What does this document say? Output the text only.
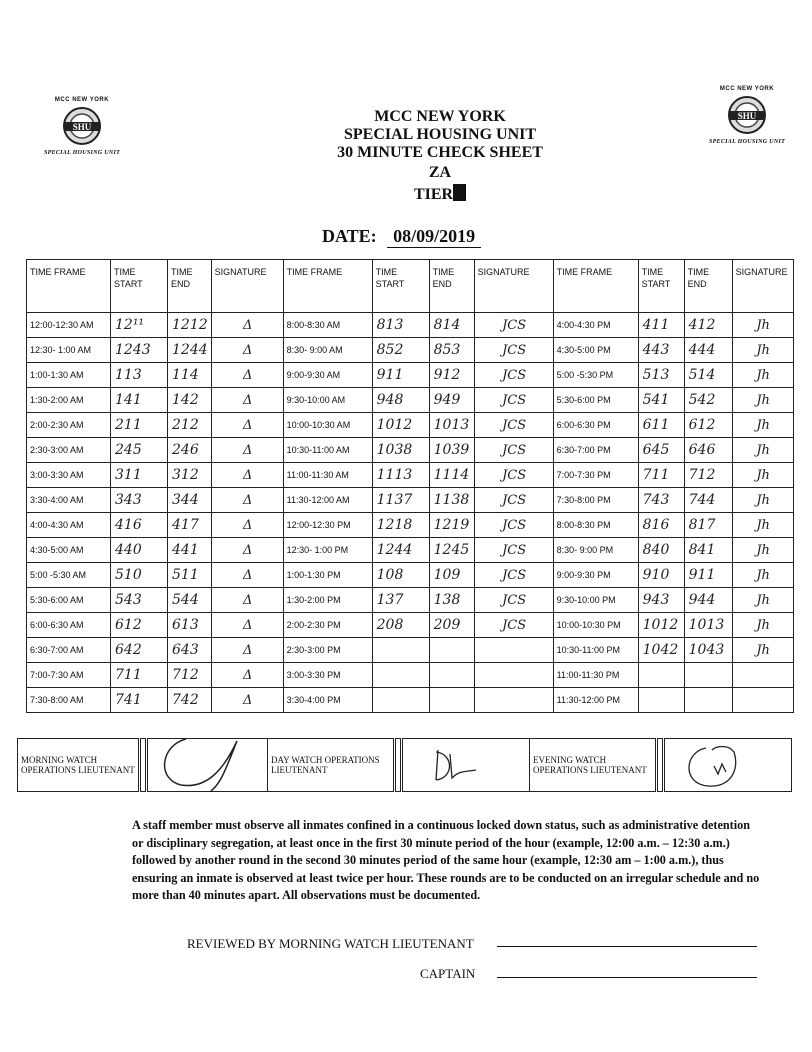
MCC NEW YORK
SHU
SPECIAL HOUSING UNIT
MCC NEW YORK
SHU
SPECIAL HOUSING UNIT
MCC NEW YORK
SPECIAL HOUSING UNIT
30 MINUTE CHECK SHEET
ZA
TIER
DATE: 08/09/2019
TIME FRAME	TIME START	TIME END	SIGNATURE	TIME FRAME	TIME START	TIME END	SIGNATURE	TIME FRAME	TIME START	TIME END	SIGNATURE
12:00-12:30 AM	12¹¹	1212	Δ	8:00-8:30 AM	813	814	JCS	4:00-4:30 PM	411	412	Jh
12:30- 1:00 AM	1243	1244	Δ	8:30- 9:00 AM	852	853	JCS	4:30-5:00 PM	443	444	Jh
1:00-1:30 AM	113	114	Δ	9:00-9:30 AM	911	912	JCS	5:00 -5:30 PM	513	514	Jh
1:30-2:00 AM	141	142	Δ	9:30-10:00 AM	948	949	JCS	5:30-6:00 PM	541	542	Jh
2:00-2:30 AM	211	212	Δ	10:00-10:30 AM	1012	1013	JCS	6:00-6:30 PM	611	612	Jh
2:30-3:00 AM	245	246	Δ	10:30-11:00 AM	1038	1039	JCS	6:30-7:00 PM	645	646	Jh
3:00-3:30 AM	311	312	Δ	11:00-11:30 AM	1113	1114	JCS	7:00-7:30 PM	711	712	Jh
3:30-4:00 AM	343	344	Δ	11:30-12:00 AM	1137	1138	JCS	7:30-8:00 PM	743	744	Jh
4:00-4:30 AM	416	417	Δ	12:00-12:30 PM	1218	1219	JCS	8:00-8:30 PM	816	817	Jh
4:30-5:00 AM	440	441	Δ	12:30- 1:00 PM	1244	1245	JCS	8:30- 9:00 PM	840	841	Jh
5:00 -5:30 AM	510	511	Δ	1:00-1:30 PM	108	109	JCS	9:00-9:30 PM	910	911	Jh
5:30-6:00 AM	543	544	Δ	1:30-2:00 PM	137	138	JCS	9:30-10:00 PM	943	944	Jh
6:00-6:30 AM	612	613	Δ	2:00-2:30 PM	208	209	JCS	10:00-10:30 PM	1012	1013	Jh
6:30-7:00 AM	642	643	Δ	2:30-3:00 PM				10:30-11:00 PM	1042	1043	Jh
7:00-7:30 AM	711	712	Δ	3:00-3:30 PM				11:00-11:30 PM			
7:30-8:00 AM	741	742	Δ	3:30-4:00 PM				11:30-12:00 PM			
MORNING WATCH OPERATIONS LIEUTENANT		
	DAY WATCH OPERATIONS LIEUTENANT		
	EVENING WATCH OPERATIONS LIEUTENANT		
A staff member must observe all inmates confined in a continuous locked down status, such as administrative detention or disciplinary segregation, at least once in the first 30 minute period of the hour (example, 12:00 a.m. – 12:30 a.m.) followed by another round in the second 30 minutes period of the same hour (example, 12:30 am – 1:00 a.m.), thus ensuring an inmate is observed at least twice per hour. These rounds are to be conducted on an irregular schedule and no more than 40 minutes apart. All observations must be documented.
REVIEWED BY MORNING WATCH LIEUTENANT
CAPTAIN
